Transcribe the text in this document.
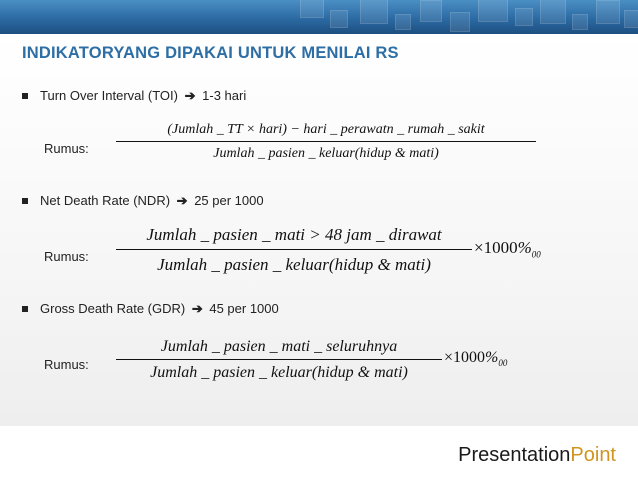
INDIKATORYANG DIPAKAI UNTUK MENILAI RS
Turn Over Interval (TOI) ➔ 1-3 hari
Rumus:
(Jumlah _ TT × hari) − hari _ perawatn _ rumah _ sakit
Jumlah _ pasien _ keluar(hidup & mati)
Net Death Rate (NDR) ➔ 25 per 1000
Rumus:
Jumlah _ pasien _ mati > 48 jam _ dirawat
Jumlah _ pasien _ keluar(hidup & mati)
$\times 1000\%_{00}$
Gross Death Rate (GDR) ➔ 45 per 1000
Rumus:
Jumlah _ pasien _ mati _ seluruhnya
Jumlah _ pasien _ keluar(hidup & mati)
$\times 1000\%_{00}$
PresentationPoint
